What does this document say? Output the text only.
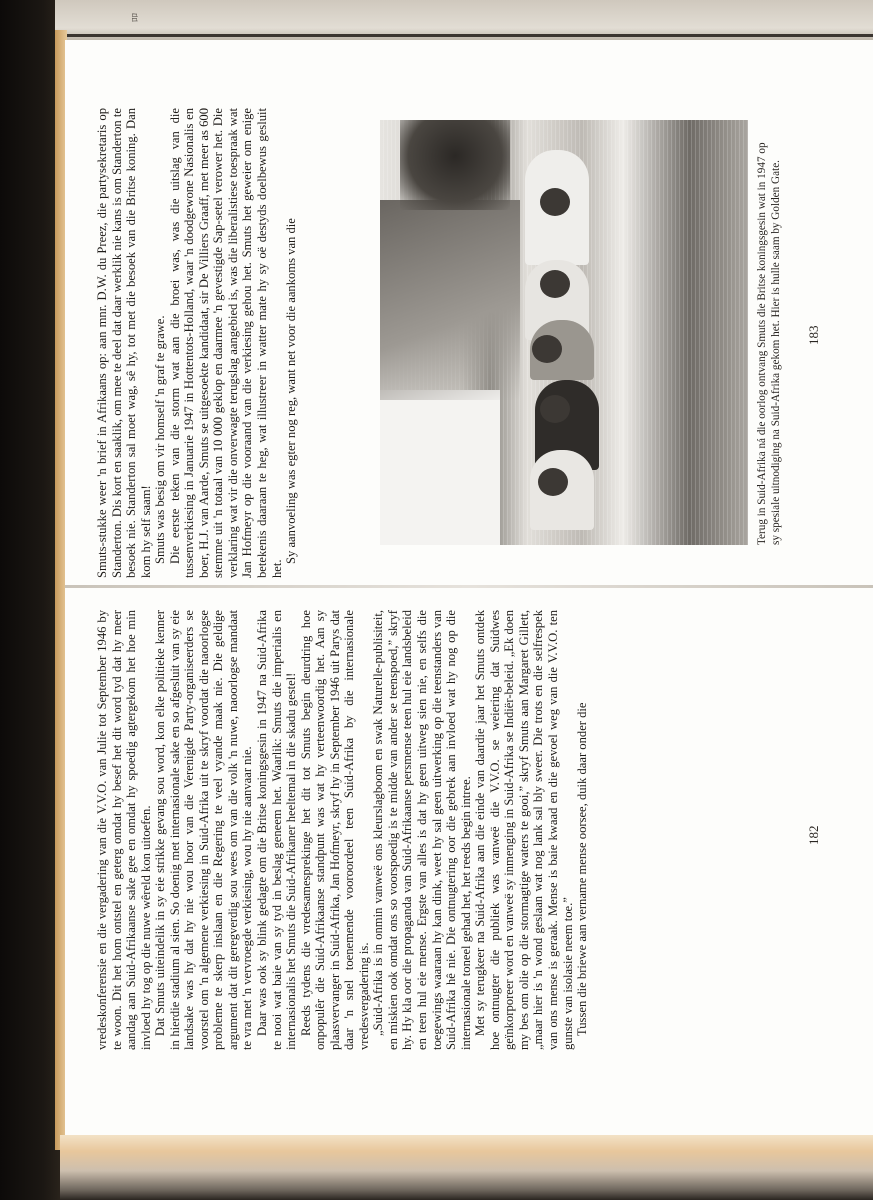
ﾛﾛ

Smuts-stukke weer 'n brief in Afrikaans op: aan mnr. D.W. du Preez, die partysekretaris op Standerton. Dis kort en saaklik, om mee te deel dat daar werklik nie kans is om Standerton te besoek nie. Standerton sal moet wag, sê hy, tot met die besoek van die Britse koning. Dan kom hy self saam! Smuts was besig om vir homself 'n graf te grawe. Die eerste teken van die storm wat aan die broei was, was die uitslag van die tussenverkiesing in Januarie 1947 in Hottentots-Holland, waar 'n doodgewone Nasionalis en boer, H.J. van Aarde, Smuts se uitgesoekte kandidaat, sir De Villiers Graaff, met meer as 600 stemme uit 'n totaal van 10 000 geklop en daarmee 'n gevestigde Sap-setel verower het. Die verklaring wat vir die onverwagte terugslag aangebied is, was die liberalistiese toespraak wat Jan Hofmeyr op die vooraand van die verkiesing gehou het. Smuts het geweier om enige betekenis daaraan te heg, wat illustreer in watter mate hy sy oë destyds doelbewus gesluit het.

Sy aanvoeling was egter nog reg, want net voor die aankoms van die	Terug in Suid-Afrika ná die oorlog ontvang Smuts die Britse koningsgesin wat in 1947 op sy spesiale uitnodiging na Suid-Afrika gekom het. Hier is hulle saam by Golden Gate. 183

vredeskonferensie en die vergadering van die V.V.O. van Julie tot September 1946 by te woon. Dit het hom ontstel en geterg omdat hy besef het dit word tyd dat hy meer aandag aan Suid-Afrikaanse sake gee en omdat hy spoedig agtergekom het hoe min invloed hy tog op die nuwe wêreld kon uitoefen. Dat Smuts uiteindelik in sy eie strikke gevang sou word, kon elke politieke kenner in hierdie stadium al sien. So doenig met internasionale sake en so afgesluit van sy eie landsake was hy dat hy nie wou hoor van die Verenigde Party-organiseerders se voorstel om 'n algemene verkiesing in Suid-Afrika uit te skryf voordat die naoorlogse probleme te skerp inslaan en die Regering te veel vyande maak nie. Die geldige argument dat dit geregverdig sou wees om van die volk 'n nuwe, naoorlogse mandaat te vra met 'n vervroegde verkiesing, wou hy nie aanvaar nie. Daar was ook sy blink gedagte om die Britse koningsgesin in 1947 na Suid-Afrika te nooi wat baie van sy tyd in beslag geneem het. Waarlik: Smuts die imperialis en internasionalis het Smuts die Suid-Afrikaner heeltemal in die skadu gestel! Reeds tydens die vredesamesprekinge het dit tot Smuts begin deurdring hoe onpopulêr die Suid-Afrikaanse standpunt was wat hy verteenwoordig het. Aan sy plaasvervanger in Suid-Afrika, Jan Hofmeyr, skryf hy in September 1946 uit Parys dat daar 'n snel toenemende vooroordeel teen Suid-Afrika by die internasionale vredesvergadering is. „Suid-Afrika is in onmin vanweë ons kleurslagboom en swak Naturelle-publisiteit, en miskien ook omdat ons so voorspoedig is te midde van ander se teenspoed,” skryf hy. Hy kla oor die propaganda van Suid-Afrikaanse persmense teen hul eie landsbeleid en teen hul eie mense. Ergste van alles is dat hy geen uitweg sien nie, en selfs die toegewings waaraan hy kan dink, weet hy sal geen uitwerking op die teenstanders van Suid-Afrika hê nie. Die ontnugtering oor die gebrek aan invloed wat hy nog op die internasionale toneel gehad het, het reeds begin intree. Met sy terugkeer na Suid-Afrika aan die einde van daardie jaar het Smuts ontdek hoe ontnugter die publiek was vanweë die V.V.O. se weiering dat Suidwes geïnkorporeer word en vanweë sy inmenging in Suid-Afrika se Indiër-beleid. „Ek doen my bes om olie op die stormagtige waters te gooi,” skryf Smuts aan Margaret Gillett, „maar hier is 'n wond geslaan wat nog lank sal bly sweer. Die trots en die selfrespek van ons mense is geraak. Mense is baie kwaad en die gevoel weg van die V.V.O. ten gunste van isolasie neem toe.” Tussen die briewe aan vername mense oorsee, duik daar onder die	182
